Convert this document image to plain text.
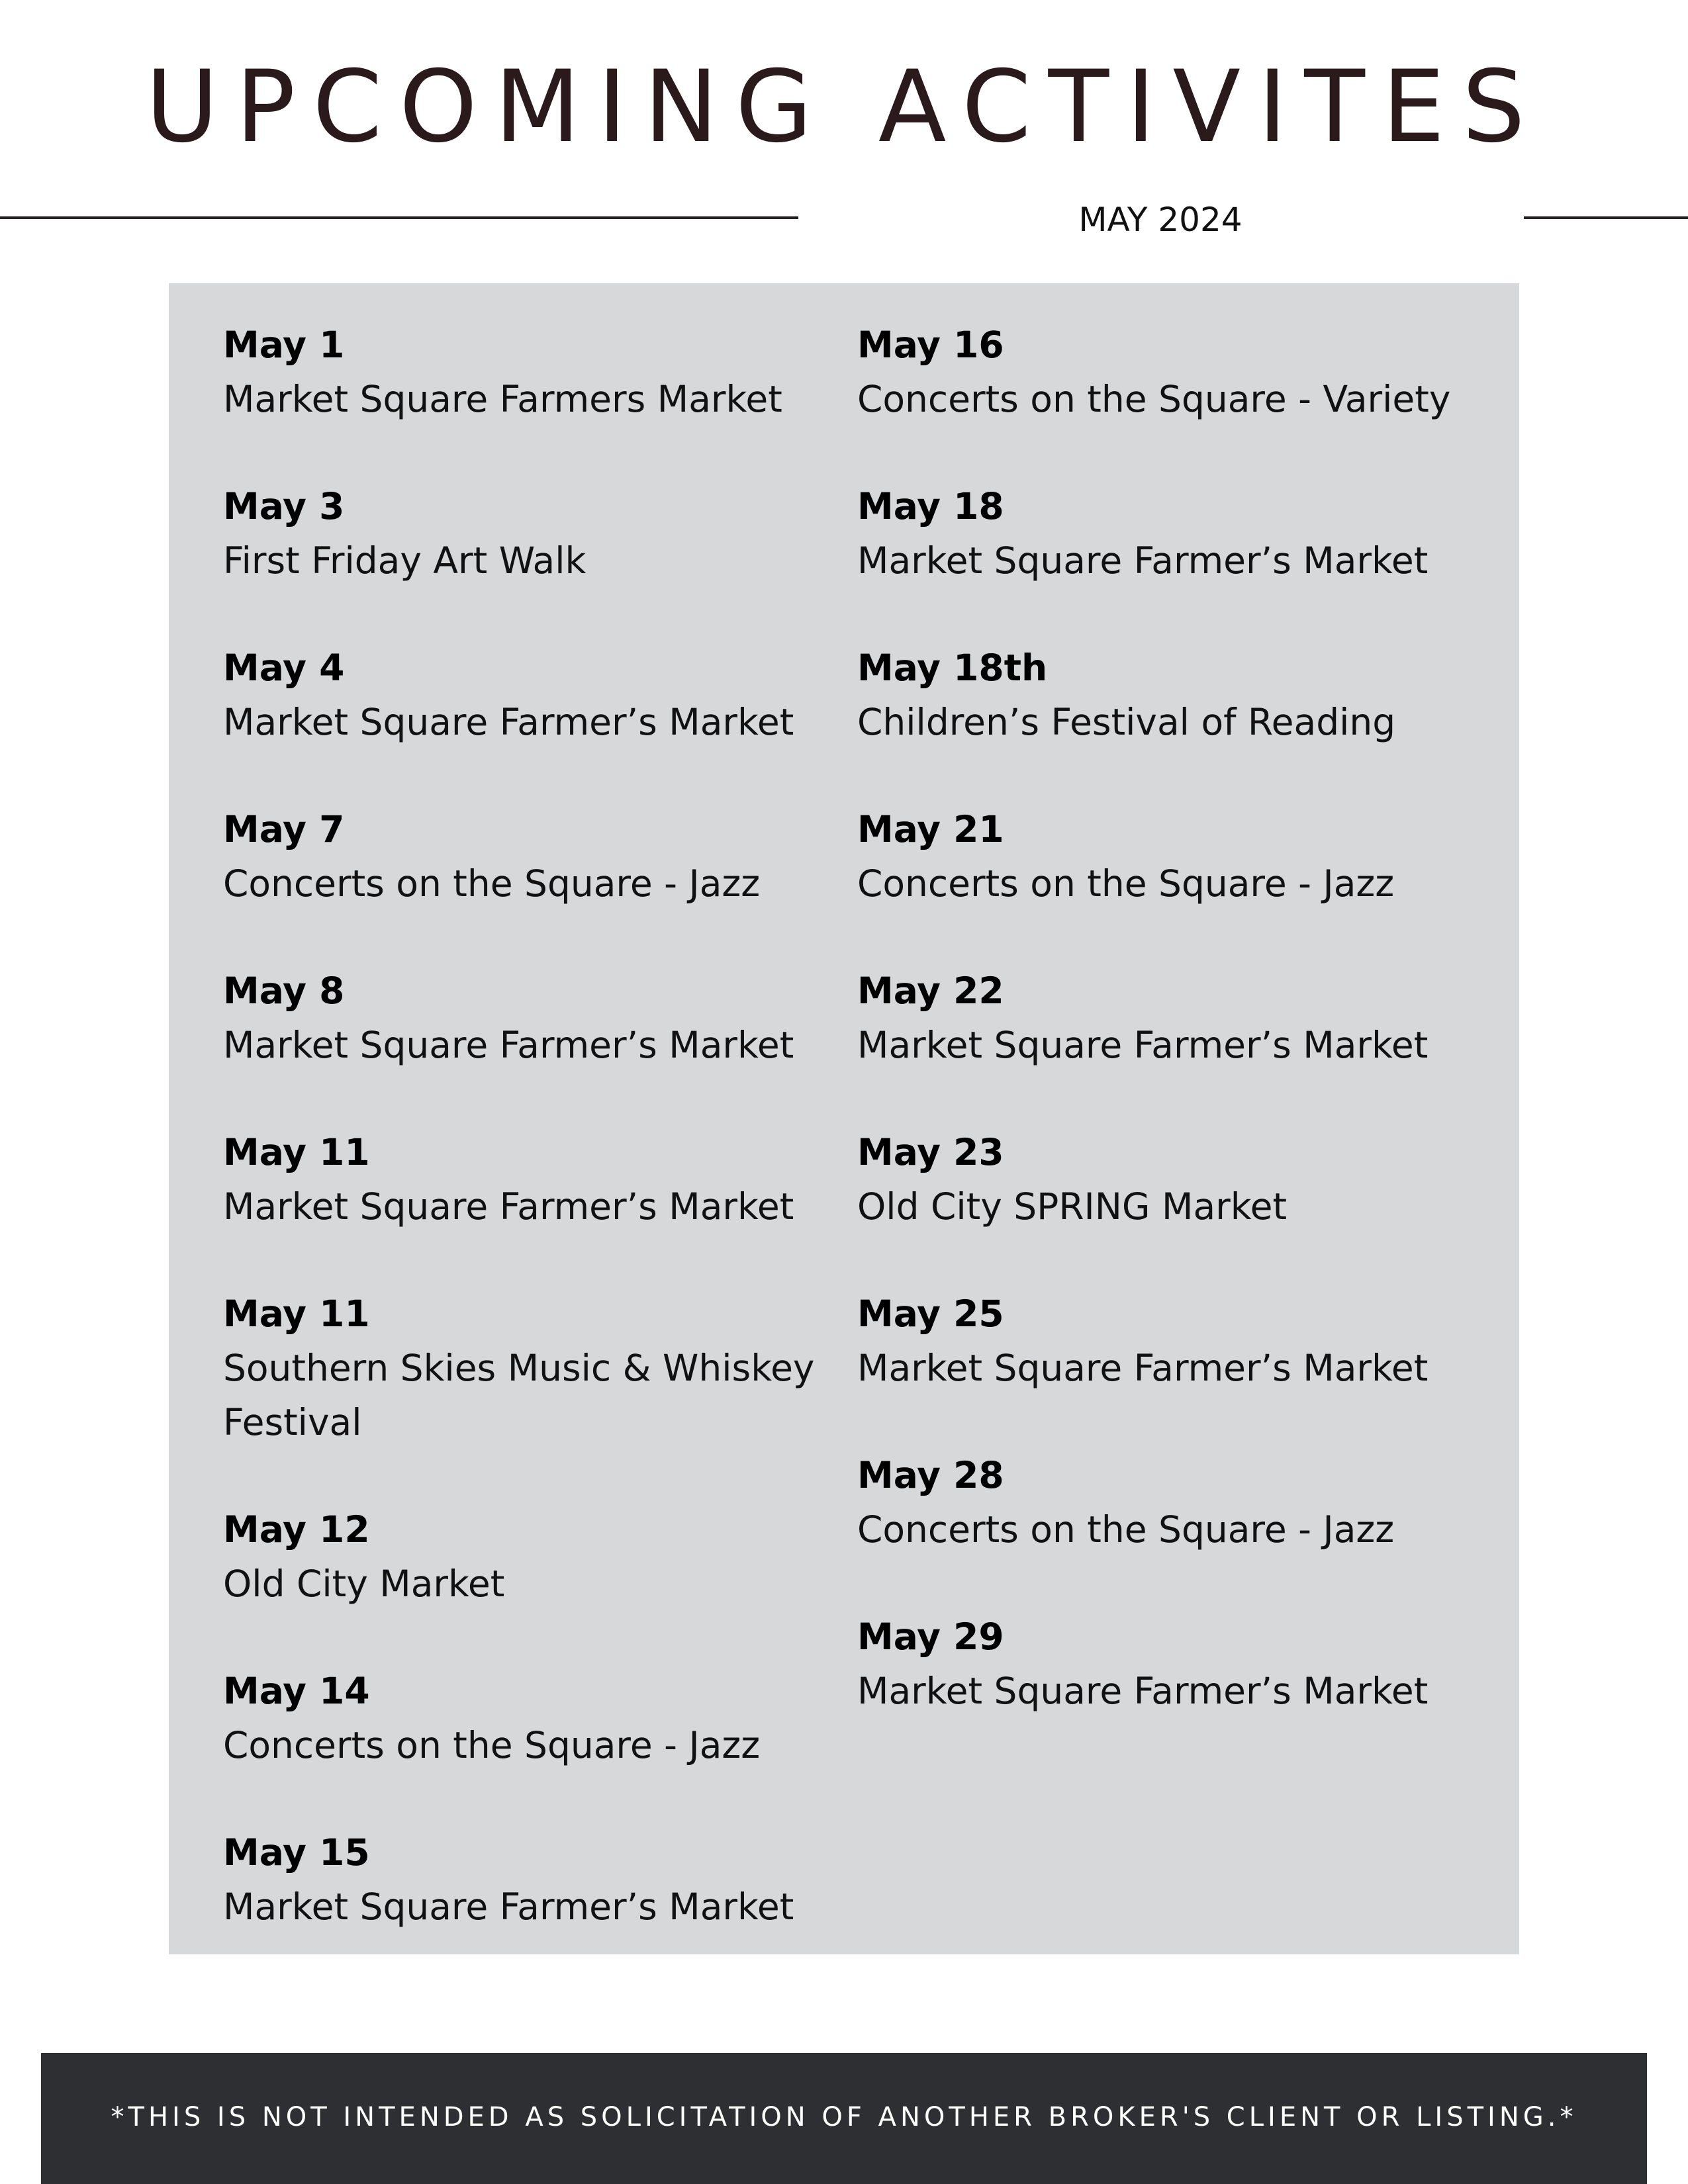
UPCOMING ACTIVITES
MAY 2024
May 1
Market Square Farmers Market
May 3
First Friday Art Walk
May 4
Market Square Farmer’s Market
May 7
Concerts on the Square - Jazz
May 8
Market Square Farmer’s Market
May 11
Market Square Farmer’s Market
May 11
Southern Skies Music & Whiskey Festival
May 12
Old City Market
May 14
Concerts on the Square - Jazz
May 15
Market Square Farmer’s Market
May 16
Concerts on the Square - Variety
May 18
Market Square Farmer’s Market
May 18th
Children’s Festival of Reading
May 21
Concerts on the Square - Jazz
May 22
Market Square Farmer’s Market
May 23
Old City SPRING Market
May 25
Market Square Farmer’s Market
May 28
Concerts on the Square - Jazz
May 29
Market Square Farmer’s Market
*THIS IS NOT INTENDED AS SOLICITATION OF ANOTHER BROKER'S CLIENT OR LISTING.*
